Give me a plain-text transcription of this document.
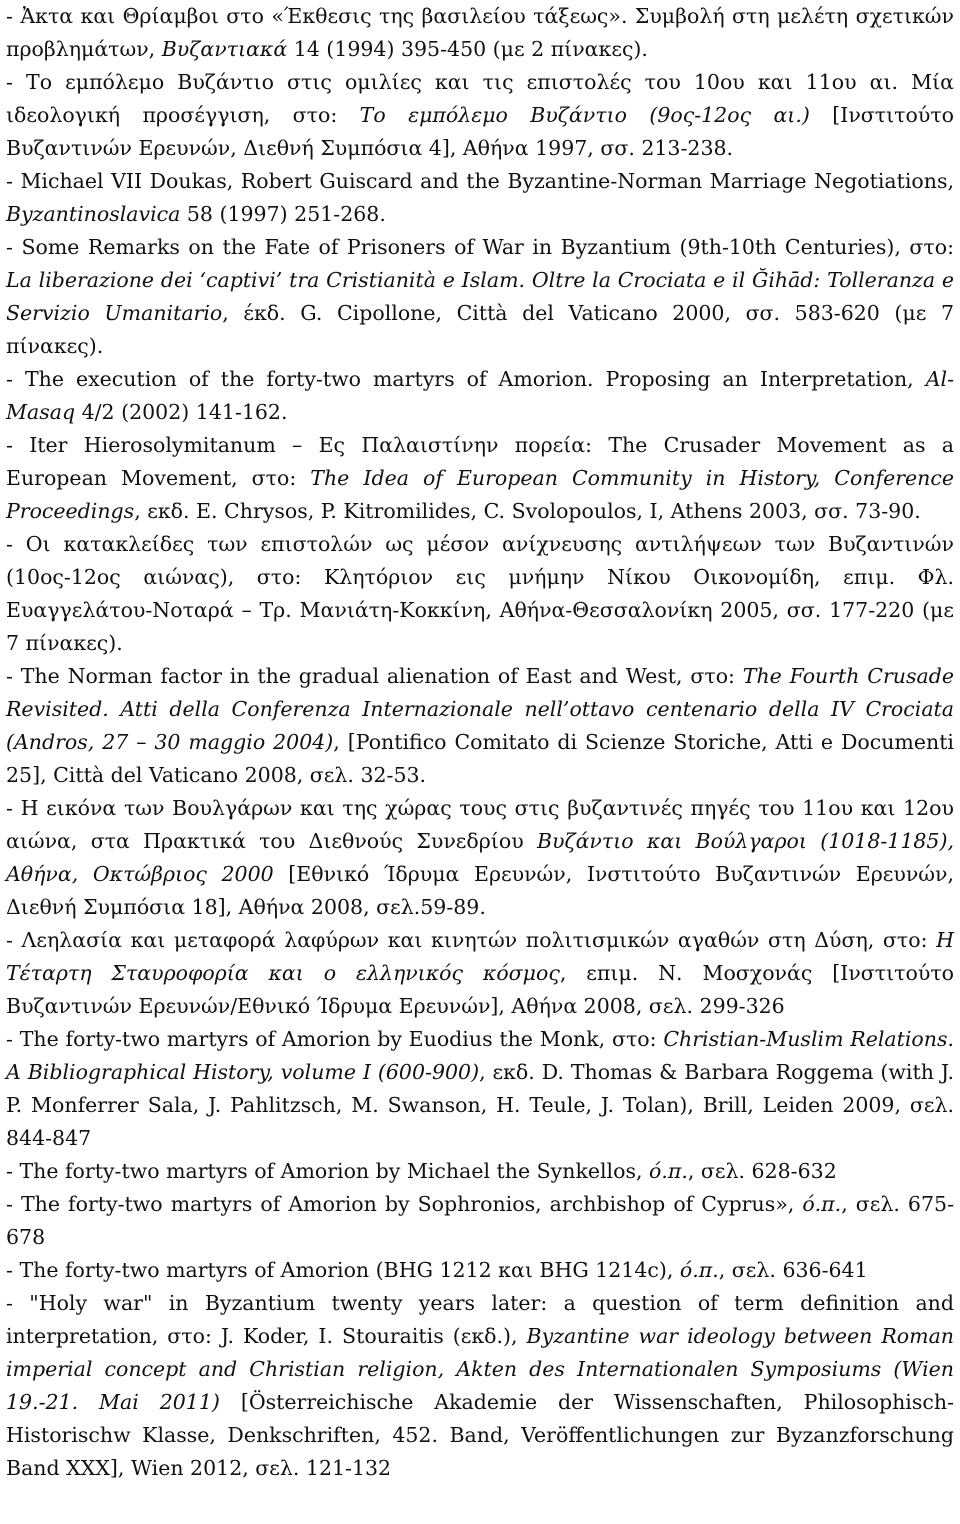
- Ἀκτα και Θρίαμβοι στο «Έκθεσις της βασιλείου τάξεως». Συμβολή στη μελέτη σχετικών προβλημάτων, Βυζαντιακά 14 (1994) 395-450 (με 2 πίνακες).

- Το εμπόλεμο Βυζάντιο στις ομιλίες και τις επιστολές του 10ου και 11ου αι. Μία ιδεολογική προσέγγιση, στο: Το εμπόλεμο Βυζάντιο (9ος-12ος αι.) [Ινστιτούτο Βυζαντινών Ερευνών, Διεθνή Συμπόσια 4], Αθήνα 1997, σσ. 213-238.

- Michael VII Doukas, Robert Guiscard and the Byzantine-Norman Marriage Negotiations, Byzantinoslavica 58 (1997) 251-268.

- Some Remarks on the Fate of Prisoners of War in Byzantium (9th-10th Centuries), στο: La liberazione dei ‘captivi’ tra Cristianità e Islam. Oltre la Crociata e il Ğihād: Tolleranza e Servizio Umanitario, έκδ. G. Cipollone, Città del Vaticano 2000, σσ. 583-620 (με 7 πίνακες).

- The execution of the forty-two martyrs of Amorion. Proposing an Interpretation, Al-Masaq 4/2 (2002) 141-162.

- Iter Hierosolymitanum – Ες Παλαιστίνην πορεία: The Crusader Movement as a European Movement, στο: The Idea of European Community in History, Conference Proceedings, εκδ. E. Chrysos, P. Kitromilides, C. Svolopoulos, I, Athens 2003, σσ. 73-90.

- Οι κατακλείδες των επιστολών ως μέσον ανίχνευσης αντιλήψεων των Βυζαντινών (10ος-12ος αιώνας), στο: Κλητόριον εις μνήμην Νίκου Οικονομίδη, επιμ. Φλ. Ευαγγελάτου-Νοταρά – Τρ. Μανιάτη-Κοκκίνη, Αθήνα-Θεσσαλονίκη 2005, σσ. 177-220 (με 7 πίνακες).

- The Norman factor in the gradual alienation of East and West, στο: The Fourth Crusade Revisited. Atti della Conferenza Internazionale nell’ottavo centenario della IV Crociata (Andros, 27 – 30 maggio 2004), [Pontifico Comitato di Scienze Storiche, Atti e Documenti 25], Città del Vaticano 2008, σελ. 32-53.

- Η εικόνα των Βουλγάρων και της χώρας τους στις βυζαντινές πηγές του 11ου και 12ου αιώνα, στα Πρακτικά του Διεθνούς Συνεδρίου Βυζάντιο και Βούλγαροι (1018-1185), Αθήνα, Οκτώβριος 2000 [Εθνικό Ίδρυμα Ερευνών, Ινστιτούτο Βυζαντινών Ερευνών, Διεθνή Συμπόσια 18], Αθήνα 2008, σελ.59-89.

- Λεηλασία και μεταφορά λαφύρων και κινητών πολιτισμικών αγαθών στη Δύση, στο: Η Τέταρτη Σταυροφορία και ο ελληνικός κόσμος, επιμ. Ν. Μοσχονάς [Ινστιτούτο Βυζαντινών Ερευνών/Εθνικό Ίδρυμα Ερευνών], Αθήνα 2008, σελ. 299-326

- The forty-two martyrs of Amorion by Euodius the Monk, στο: Christian-Muslim Relations. A Bibliographical History, volume I (600-900), εκδ. D. Thomas & Barbara Roggema (with J. P. Monferrer Sala, J. Pahlitzsch, M. Swanson, H. Teule, J. Tolan), Brill, Leiden 2009, σελ. 844-847

- The forty-two martyrs of Amorion by Michael the Synkellos, ό.π., σελ. 628-632

- The forty-two martyrs of Amorion by Sophronios, archbishop of Cyprus», ό.π., σελ. 675-678

- The forty-two martyrs of Amorion (BHG 1212 και BHG 1214c), ό.π., σελ. 636-641

- "Holy war" in Byzantium twenty years later: a question of term definition and interpretation, στο: J. Koder, I. Stouraitis (εκδ.), Byzantine war ideology between Roman imperial concept and Christian religion, Akten des Internationalen Symposiums (Wien 19.-21. Mai 2011) [Österreichische Akademie der Wissenschaften, Philosophisch-Historischw Klasse, Denkschriften, 452. Band, Veröffentlichungen zur Byzanzforschung Band XXX], Wien 2012, σελ. 121-132
